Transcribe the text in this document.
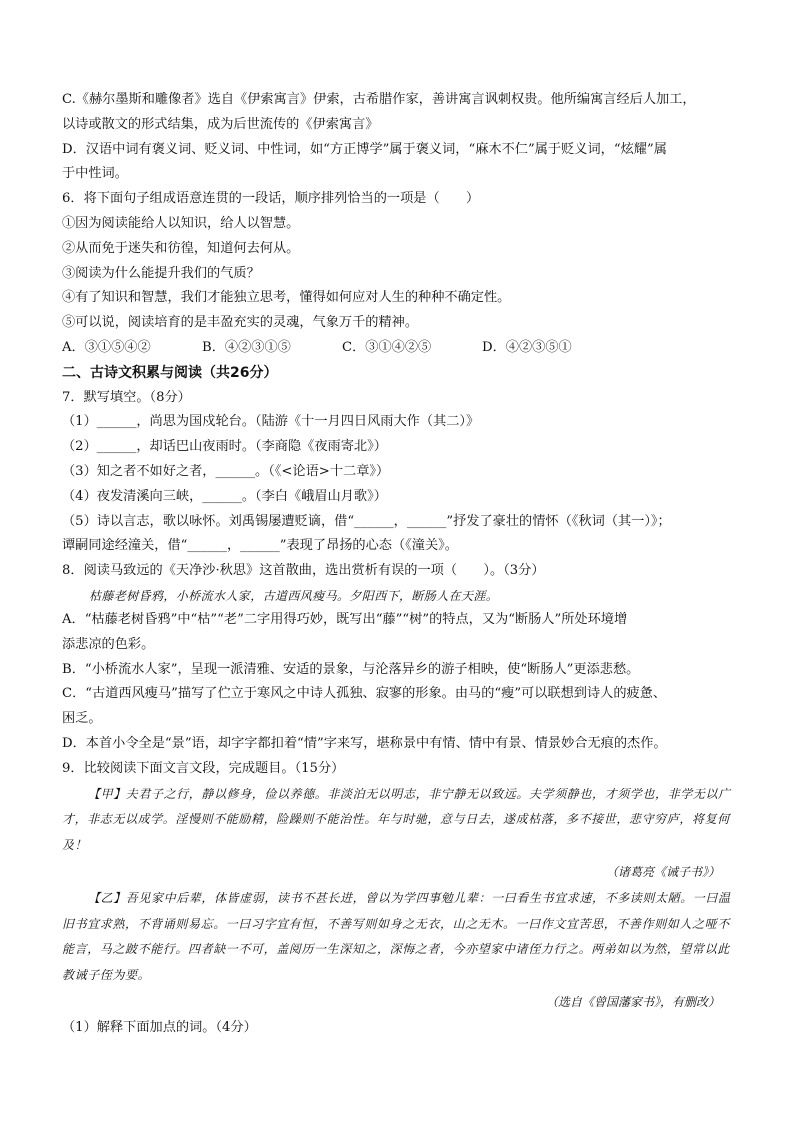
C.《赫尔墨斯和雕像者》选自《伊索寓言》伊索，古希腊作家，善讲寓言讽刺权贵。他所编寓言经后人加工，
以诗或散文的形式结集，成为后世流传的《伊索寓言》
D．汉语中词有褒义词、贬义词、中性词，如“方正博学”属于褒义词，“麻木不仁”属于贬义词，“炫耀”属
于中性词。
6．将下面句子组成语意连贯的一段话，顺序排列恰当的一项是（　　）
①因为阅读能给人以知识，给人以智慧。
②从而免于迷失和彷徨，知道何去何从。
③阅读为什么能提升我们的气质？
④有了知识和智慧，我们才能独立思考，懂得如何应对人生的种种不确定性。
⑤可以说，阅读培育的是丰盈充实的灵魂，气象万千的精神。
A．③①⑤④②	B．④②③①⑤	C．③①④②⑤	D．④②③⑤①
二、古诗文积累与阅读（共26分）
7．默写填空。（8分）
（1）______，尚思为国戍轮台。（陆游《十一月四日风雨大作（其二）》
（2）______，却话巴山夜雨时。（李商隐《夜雨寄北》）
（3）知之者不如好之者，______。（《<论语>十二章》）
（4）夜发清溪向三峡，______。（李白《峨眉山月歌》）
（5）诗以言志，歌以咏怀。刘禹锡屡遭贬谪，借“______，______”抒发了豪壮的情怀（《秋词（其一）》；
谭嗣同途经潼关，借“______，______”表现了昂扬的心态（《潼关》。
8．阅读马致远的《天净沙·秋思》这首散曲，选出赏析有误的一项（　　）。（3分）
枯藤老树昏鸦，小桥流水人家，古道西风瘦马。夕阳西下，断肠人在天涯。
A．“枯藤老树昏鸦”中“枯”“老”二字用得巧妙，既写出“藤”“树”的特点，又为“断肠人”所处环境增
添悲凉的色彩。
B．“小桥流水人家”，呈现一派清雅、安适的景象，与沦落异乡的游子相映，使“断肠人”更添悲愁。
C．“古道西风瘦马”描写了伫立于寒风之中诗人孤独、寂寥的形象。由马的“瘦”可以联想到诗人的疲惫、
困乏。
D．本首小令全是“景”语，却字字都扣着“情”字来写，堪称景中有情、情中有景、情景妙合无痕的杰作。
9．比较阅读下面文言文段，完成题目。（15分）
【甲】夫君子之行，静以修身，俭以养德。非淡泊无以明志，非宁静无以致远。夫学须静也，才须学也，非学无以广才，非志无以成学。淫慢则不能励精，险躁则不能治性。年与时驰，意与日去，遂成枯落，多不接世，悲守穷庐，将复何及！
（诸葛亮《诫子书》）
【乙】吾见家中后辈，体皆虚弱，读书不甚长进，曾以为学四事勉儿辈：一曰看生书宜求速，不多读则太陋。一曰温旧书宜求熟，不背诵则易忘。一曰习字宜有恒，不善写则如身之无衣，山之无木。一曰作文宜苦思，不善作则如人之哑不能言，马之跛不能行。四者缺一不可，盖阅历一生深知之，深悔之者，今亦望家中诸侄力行之。两弟如以为然，望常以此教诫子侄为要。
（选自《曾国藩家书》，有删改）
（1）解释下面加点的词。（4分）
